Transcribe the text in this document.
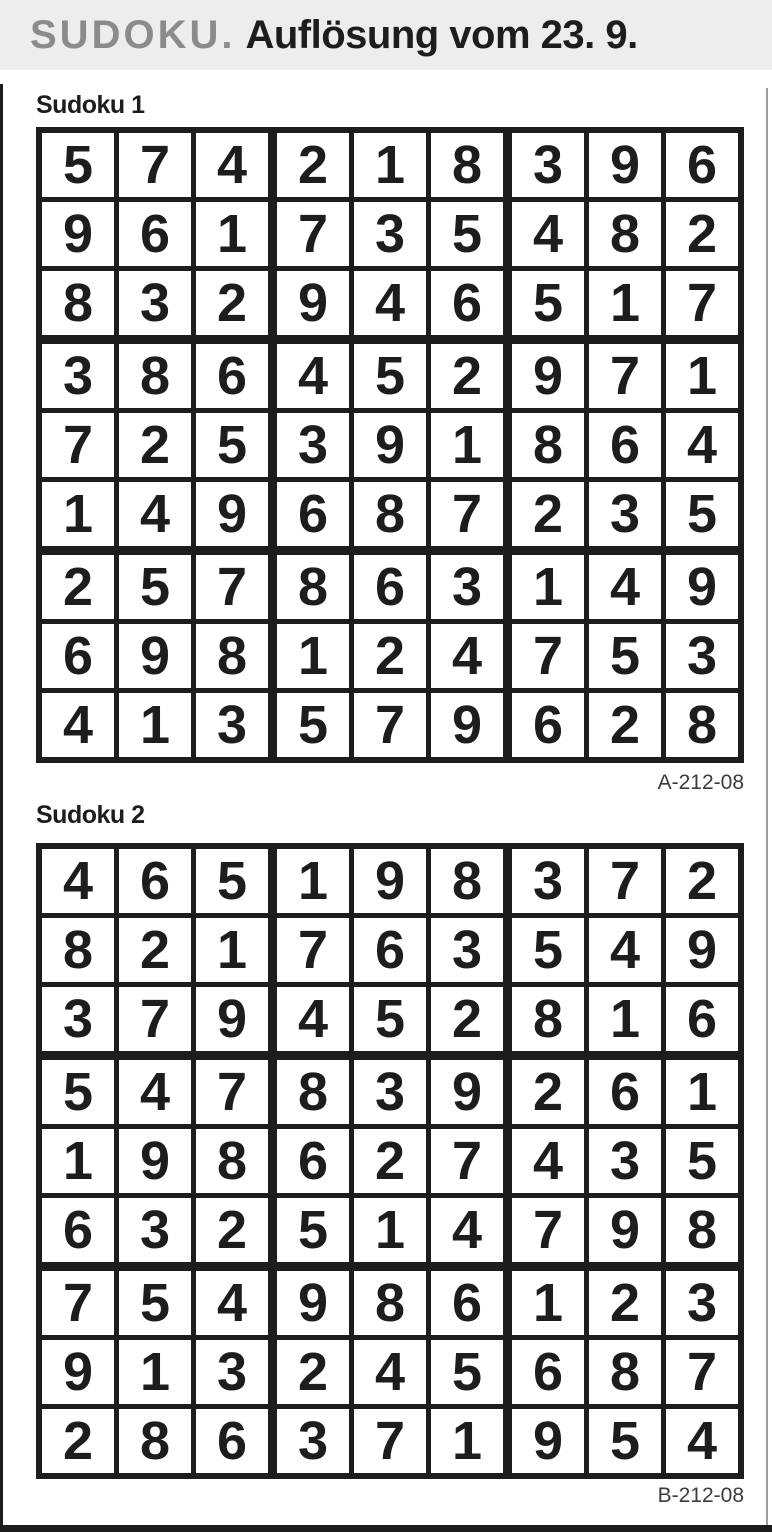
SUDOKU. Auflösung vom 23. 9.
Sudoku 1
5 7 4
9 6 1
8 3 2
2 1 8
7 3 5
9 4 6
3 9 6
4 8 2
5 1 7
3 8 6
7 2 5
1 4 9
4 5 2
3 9 1
6 8 7
9 7 1
8 6 4
2 3 5
2 5 7
6 9 8
4 1 3
8 6 3
1 2 4
5 7 9
1 4 9
7 5 3
6 2 8
A-212-08
Sudoku 2
4 6 5
8 2 1
3 7 9
1 9 8
7 6 3
4 5 2
3 7 2
5 4 9
8 1 6
5 4 7
1 9 8
6 3 2
8 3 9
6 2 7
5 1 4
2 6 1
4 3 5
7 9 8
7 5 4
9 1 3
2 8 6
9 8 6
2 4 5
3 7 1
1 2 3
6 8 7
9 5 4
B-212-08
